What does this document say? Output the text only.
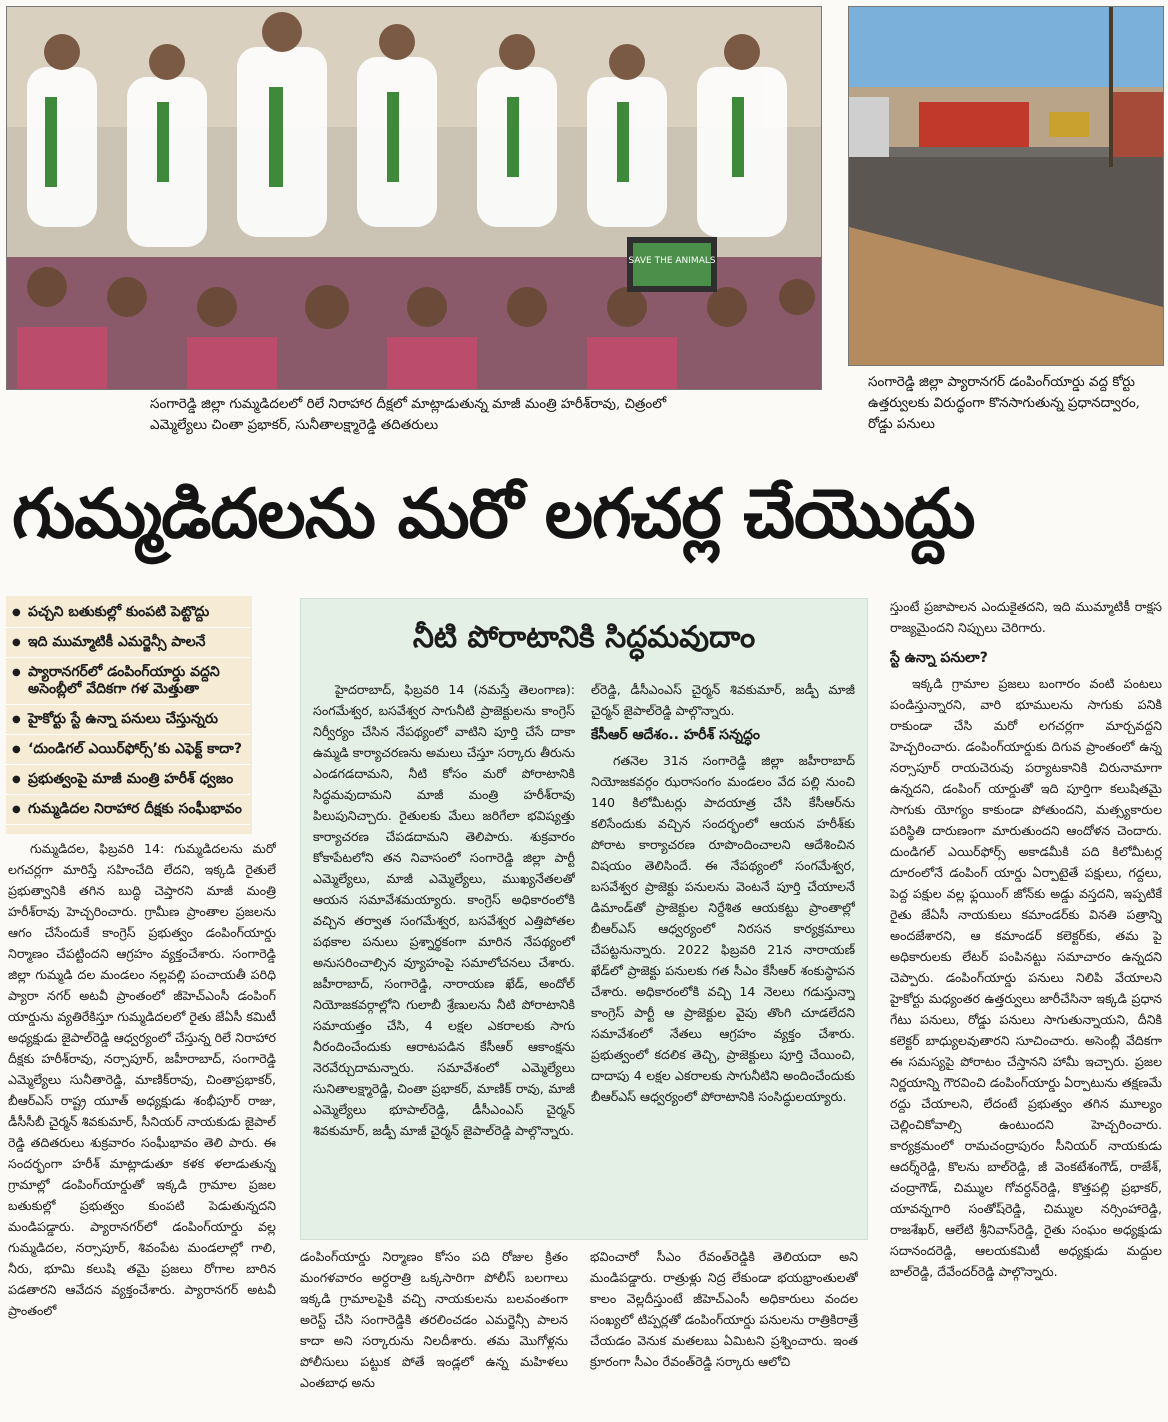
SAVE THE ANIMALS
సంగారెడ్డి జిల్లా గుమ్మడిదలలో రిలే నిరాహార దీక్షలో మాట్లాడుతున్న మాజీ మంత్రి హరీశ్‌రావు, చిత్రంలో ఎమ్మెల్యేలు చింతా ప్రభాకర్‌, సునీతాలక్ష్మారెడ్డి తదితరులు
సంగారెడ్డి జిల్లా ప్యారానగర్‌ డంపింగ్‌యార్డు వద్ద కోర్టు ఉత్తర్వులకు విరుద్ధంగా కొనసాగుతున్న ప్రధానద్వారం, రోడ్డు పనులు
గుమ్మడిదలను మరో లగచర్ల చేయొద్దు
● పచ్చని బతుకుల్లో కుంపటి పెట్టొద్దు
● ఇది ముమ్మాటికీ ఎమర్జెన్సీ పాలనే
● ప్యారానగర్‌లో డంపింగ్‌యార్డు వద్దని అసెంబ్లీలో వేదికగా గళ మెత్తుతా
● హైకోర్టు స్టే ఉన్నా పనులు చేస్తున్నరు
● ‘దుండిగల్‌ ఎయిర్‌ఫోర్స్‌’కు ఎఫెక్ట్‌ కాదా?
● ప్రభుత్వంపై మాజీ మంత్రి హరీశ్‌ ధ్వజం
● గుమ్మడిదల నిరాహార దీక్షకు సంఘీభావం

గుమ్మడిదల, ఫిబ్రవరి 14: గుమ్మడిదలను మరో లగచర్లగా మారిస్తే సహించేది లేదని, ఇక్కడి రైతులే ప్రభుత్వానికి తగిన బుద్ధి చెప్తారని మాజీ మంత్రి హరీశ్‌రావు హెచ్చరించారు. గ్రామీణ ప్రాంతాల ప్రజలను ఆగం చేసేందుకే కాంగ్రెస్‌ ప్రభుత్వం డంపింగ్‌యార్డు నిర్మాణం చేపట్టిందని ఆగ్రహం వ్యక్తంచేశారు. సంగారెడ్డి జిల్లా గుమ్మడి దల మండలం నల్లవల్లి పంచాయతీ పరిధి ప్యారా నగర్‌ అటవీ ప్రాంతంలో జీహెచ్‌ఎంసీ డంపింగ్‌ యార్డును వ్యతిరేకిస్తూ గుమ్మడిదలలో రైతు జేఏసీ కమిటీ అధ్యక్షుడు జైపాల్‌రెడ్డి ఆధ్వర్యంలో చేస్తున్న రిలే నిరాహార దీక్షకు హరీశ్‌రావు, నర్సాపూర్‌, జహీరాబాద్‌, సంగారెడ్డి ఎమ్మెల్యేలు సునీతారెడ్డి, మాణిక్‌రావు, చింతాప్రభాకర్‌, బీఆర్‌ఎస్‌ రాష్ట్ర యూత్‌ అధ్యక్షుడు శంభీపూర్‌ రాజు, డీసీసీబీ చైర్మన్‌ శివకుమార్‌, సీనియర్‌ నాయకుడు జైపాల్‌ రెడ్డి తదితరులు శుక్రవారం సంఘీభావం తెలి పారు. ఈ సందర్భంగా హరీశ్‌ మాట్లాడుతూ కళక ళలాడుతున్న గ్రామాల్లో డంపింగ్‌యార్డుతో ఇక్కడి గ్రామాల ప్రజల బతుకుల్లో ప్రభుత్వం కుంపటి పెడుతున్నదని మండిపడ్డారు. ప్యారానగర్‌లో డంపింగ్‌యార్డు వల్ల గుమ్మడిదల, నర్సాపూర్‌, శివంపేట మండలాల్లో గాలి, నీరు, భూమి కలుషి తమై ప్రజలు రోగాల బారిన పడతారని ఆవేదన వ్యక్తంచేశారు. ప్యారానగర్‌ అటవీ ప్రాంతంలో

నీటి పోరాటానికి సిద్ధమవుదాం

హైదరాబాద్‌, ఫిబ్రవరి 14 (నమస్తే తెలంగాణ): సంగమేశ్వర, బసవేశ్వర సాగునీటి ప్రాజెక్టులను కాంగ్రెస్‌ నిర్వీర్యం చేసిన నేపథ్యంలో వాటిని పూర్తి చేసే దాకా ఉమ్మడి కార్యాచరణను అమలు చేస్తూ సర్కారు తీరును ఎండగడదామని, నీటి కోసం మరో పోరాటానికి సిద్ధమవుదామని మాజీ మంత్రి హరీశ్‌రావు పిలుపునిచ్చారు. రైతులకు మేలు జరిగేలా భవిష్యత్తు కార్యాచరణ చేపడదామని తెలిపారు. శుక్రవారం కోకాపేటలోని తన నివాసంలో సంగారెడ్డి జిల్లా పార్టీ ఎమ్మెల్యేలు, మాజీ ఎమ్మెల్యేలు, ముఖ్యనేతలతో ఆయన సమావేశమయ్యారు. కాంగ్రెస్‌ అధికారంలోకి వచ్చిన తర్వాత సంగమేశ్వర, బసవేశ్వర ఎత్తిపోతల పథకాల పనులు ప్రశ్నార్థకంగా మారిన నేపథ్యంలో అనుసరించాల్సిన వ్యూహంపై సమాలోచనలు చేశారు. జహీరాబాద్‌, సంగారెడ్డి, నారాయణ ఖేడ్‌, అందోల్‌ నియోజకవర్గాల్లోని గులాబీ శ్రేణులను నీటి పోరాటానికి సమాయత్తం చేసి, 4 లక్షల ఎకరాలకు సాగు నీరందించేందుకు ఆరాటపడిన కేసీఆర్‌ ఆకాంక్షను నెరవేర్చుదామన్నారు. సమావేశంలో ఎమ్మెల్యేలు సునితాలక్ష్మారెడ్డి, చింతా ప్రభాకర్‌, మాణిక్‌ రావు, మాజీ ఎమ్మెల్యేలు భూపాల్‌రెడ్డి, డీసీఎంఎస్‌ చైర్మన్‌ శివకుమార్‌, జడ్పీ మాజీ చైర్మన్‌ జైపాల్‌రెడ్డి పాల్గొన్నారు.

ల్‌రెడ్డి, డీసీఎంఎస్‌ చైర్మన్‌ శివకుమార్‌, జడ్పీ మాజీ చైర్మన్‌ జైపాల్‌రెడ్డి పాల్గొన్నారు.

కేసీఆర్‌ ఆదేశం.. హరీశ్‌ సన్నద్ధం

గతనెల 31న సంగారెడ్డి జిల్లా జహీరాబాద్‌ నియోజకవర్గం ఝరాసంగం మండలం వేద పల్లి నుంచి 140 కిలోమీటర్లు పాదయాత్ర చేసి కేసీఆర్‌ను కలిసేందుకు వచ్చిన సందర్భంలో ఆయన హరీశ్‌కు పోరాట కార్యాచరణ రూపొందించాలని ఆదేశించిన విషయం తెలిసిందే. ఈ నేపథ్యంలో సంగమేశ్వర, బసవేశ్వర ప్రాజెక్టు పనులను వెంటనే పూర్తి చేయాలనే డిమాండ్‌తో ప్రాజెక్టుల నిర్దేశిత ఆయకట్టు ప్రాంతాల్లో బీఆర్‌ఎస్‌ ఆధ్వర్యంలో నిరసన కార్యక్రమాలు చేపట్టనున్నారు. 2022 ఫిబ్రవరి 21న నారాయణ్‌ ఖేడ్‌లో ప్రాజెక్టు పనులకు గత సీఎం కేసీఆర్‌ శంకుస్థాపన చేశారు. అధికారంలోకి వచ్చి 14 నెలలు గడుస్తున్నా కాంగ్రెస్‌ పార్టీ ఆ ప్రాజెక్టుల వైపు తొంగి చూడలేదని సమావేశంలో నేతలు ఆగ్రహం వ్యక్తం చేశారు. ప్రభుత్వంలో కదలిక తెచ్చి, ప్రాజెక్టులు పూర్తి చేయించి, దాదాపు 4 లక్షల ఎకరాలకు సాగునీటిని అందించేందుకు బీఆర్‌ఎస్‌ ఆధ్వర్యంలో పోరాటానికి సంసిద్ధులయ్యారు.

డంపింగ్‌యార్డు నిర్మాణం కోసం పది రోజుల క్రితం మంగళవారం అర్ధరాత్రి ఒక్కసారిగా పోలీస్‌ బలగాలు ఇక్కడి గ్రామాలపైకి వచ్చి నాయకులను బలవంతంగా అరెస్ట్‌ చేసి సంగారెడ్డికి తరలించడం ఎమర్జెన్సీ పాలన కాదా అని సర్కారును నిలదీశారు. తమ మొగోళ్లను పోలీసులు పట్టుక పోతే ఇండ్లలో ఉన్న మహిళలు ఎంతబాధ అను

భవించారో సీఎం రేవంత్‌రెడ్డికి తెలియదా అని మండిపడ్డారు. రాత్రుళ్లు నిద్ర లేకుండా భయభ్రాంతులతో కాలం వెల్లదీస్తుంటే జీహెచ్‌ఎంసీ అధికారులు వందల సంఖ్యలో టిప్పర్లతో డంపింగ్‌యార్డు పనులను రాత్రికిరాత్రే చేయడం వెనుక మతలబు ఏమిటని ప్రశ్నించారు. ఇంత క్రూరంగా సీఎం రేవంత్‌రెడ్డి సర్కారు ఆలోచి

స్తుంటే ప్రజాపాలన ఎందుకైతదని, ఇది ముమ్మాటికీ రాక్షస రాజ్యమైందని నిప్పులు చెరిగారు.

స్టే ఉన్నా పనులా?

ఇక్కడి గ్రామాల ప్రజలు బంగారం వంటి పంటలు పండిస్తున్నారని, వారి భూములను సాగుకు పనికి రాకుండా చేసి మరో లగచర్లగా మార్చవద్దని హెచ్చరించారు. డంపింగ్‌యార్డుకు దిగువ ప్రాంతంలో ఉన్న నర్సాపూర్‌ రాయచెరువు పర్యాటకానికి చిరునామాగా ఉన్నదని, డంపింగ్‌ యార్డుతో ఇది పూర్తిగా కలుషితమై సాగుకు యోగ్యం కాకుండా పోతుందని, మత్స్యకారుల పరిస్థితి దారుణంగా మారుతుందని ఆందోళన చెందారు. దుండిగల్‌ ఎయిర్‌ఫోర్స్‌ అకాడమీకి పది కిలోమీటర్ల దూరంలోనే డంపింగ్‌ యార్డు ఏర్పాటైతే పక్షులు, గద్దలు, పెద్ద పక్షుల వల్ల ఫ్లయింగ్‌ జోన్‌కు అడ్డు వస్తదని, ఇప్పటికే రైతు జేఏసీ నాయకులు కమాండర్‌కు వినతి పత్రాన్ని అందజేశారని, ఆ కమాండర్‌ కలెక్టర్‌కు, తమ పై అధికారులకు లేటర్‌ పంపినట్టు సమాచారం ఉన్నదని చెప్పారు. డంపింగ్‌యార్డు పనులు నిలిపి వేయాలని హైకోర్టు మధ్యంతర ఉత్తర్వులు జారీచేసినా ఇక్కడి ప్రధాన గేటు పనులు, రోడ్డు పనులు సాగుతున్నాయని, దీనికి కలెక్టర్‌ బాధ్యులవుతారని సూచించారు. అసెంబ్లీ వేదికగా ఈ సమస్యపై పోరాటం చేస్తానని హామీ ఇచ్చారు. ప్రజల నిర్ణయాన్ని గౌరవించి డంపింగ్‌యార్డు ఏర్పాటును తక్షణమే రద్దు చేయాలని, లేదంటే ప్రభుత్వం తగిన మూల్యం చెల్లించికోవాల్సి ఉంటుందని హెచ్చరించారు. కార్యక్రమంలో రామచంద్రాపురం సీనియర్‌ నాయకుడు ఆదర్శ్‌రెడ్డి, కొలను బాల్‌రెడ్డి, జీ వెంకటేశంగౌడ్‌, రాజేశ్‌, చంద్రాగౌడ్‌, చిమ్ముల గోవర్ధన్‌రెడ్డి, కొత్తపల్లి ప్రభాకర్‌, యావన్నగారి సంతోష్‌రెడ్డి, చిమ్ముల నర్సింహారెడ్డి, రాజశేఖర్‌, ఆలేటి శ్రీనివాస్‌రెడ్డి, రైతు సంఘం అధ్యక్షుడు సదానందరెడ్డి, ఆలయకమిటీ అధ్యక్షుడు మద్దుల బాల్‌రెడ్డి, దేవేందర్‌రెడ్డి పాల్గొన్నారు.
